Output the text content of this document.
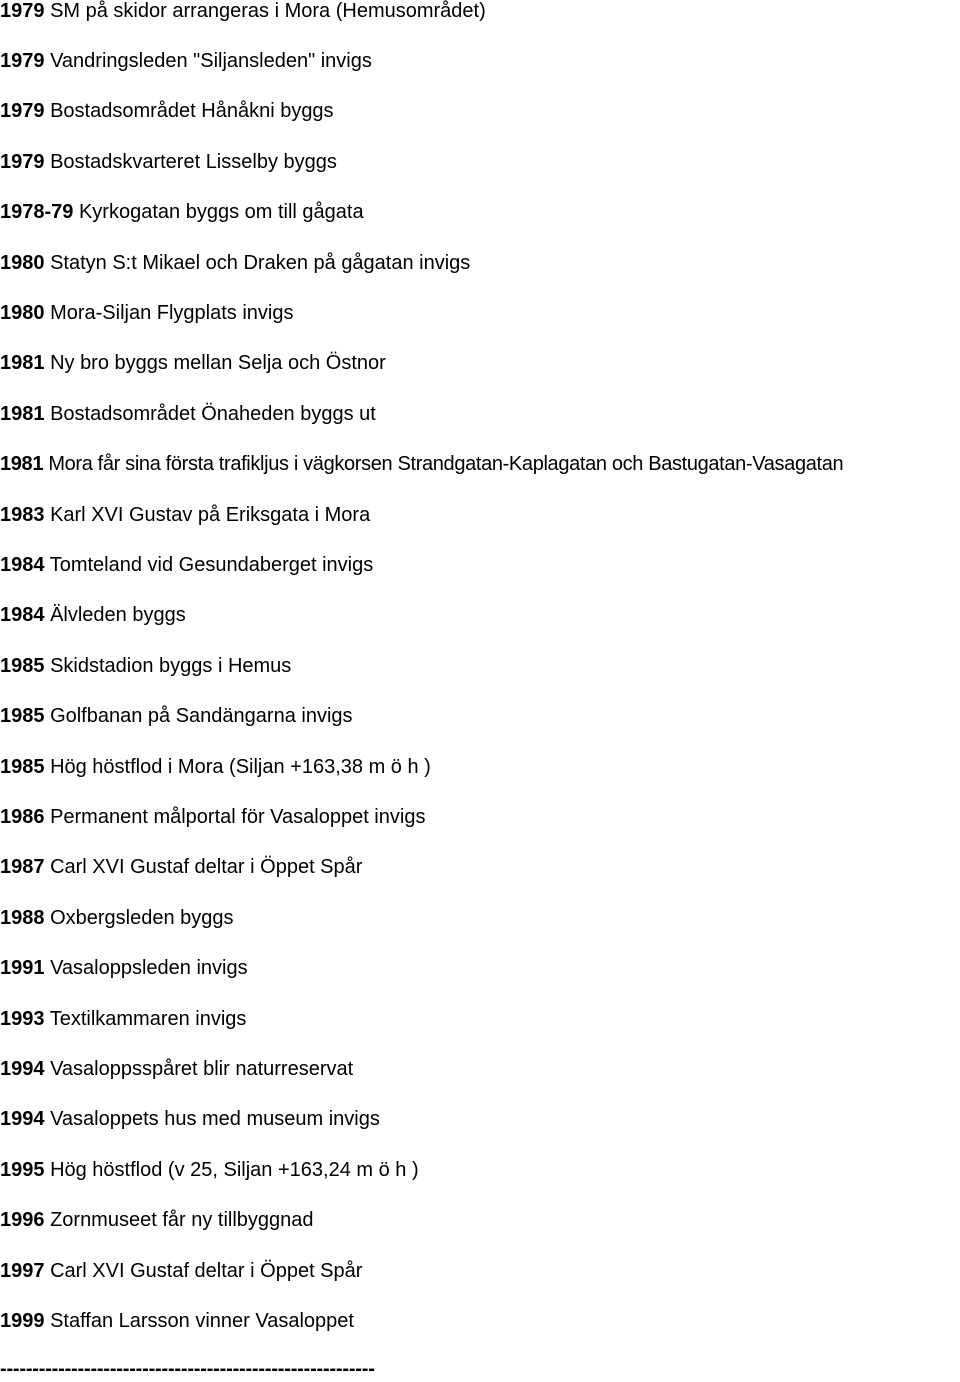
1979 SM på skidor arrangeras i Mora (Hemusområdet)
1979 Vandringsleden "Siljansleden" invigs
1979 Bostadsområdet Hånåkni byggs
1979 Bostadskvarteret Lisselby byggs
1978-79 Kyrkogatan byggs om till gågata
1980 Statyn S:t Mikael och Draken på gågatan invigs
1980 Mora-Siljan Flygplats invigs
1981 Ny bro byggs mellan Selja och Östnor
1981 Bostadsområdet Önaheden byggs ut
1981 Mora får sina första trafikljus i vägkorsen Strandgatan-Kaplagatan och Bastugatan-Vasagatan
1983 Karl XVI Gustav på Eriksgata i Mora
1984 Tomteland vid Gesundaberget invigs
1984 Älvleden byggs
1985 Skidstadion byggs i Hemus
1985 Golfbanan på Sandängarna invigs
1985 Hög höstflod i Mora (Siljan +163,38 m ö h )
1986 Permanent målportal för Vasaloppet invigs
1987 Carl XVI Gustaf deltar i Öppet Spår
1988 Oxbergsleden byggs
1991 Vasaloppsleden invigs
1993 Textilkammaren invigs
1994 Vasaloppsspåret blir naturreservat
1994 Vasaloppets hus med museum invigs
1995 Hög höstflod (v 25, Siljan +163,24 m ö h )
1996 Zornmuseet får ny tillbyggnad
1997 Carl XVI Gustaf deltar i Öppet Spår
1999 Staffan Larsson vinner Vasaloppet
----------------------------------------------------------
